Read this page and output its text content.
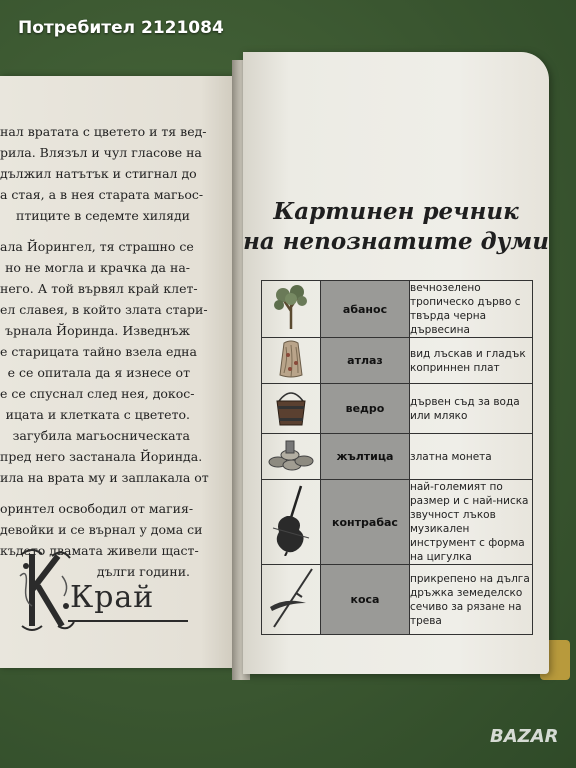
Потребител 2121084
нал вратата с цветето и тя вед-
рила. Влязъл и чул гласове на
дължил натътък и стигнал до
а стая, а в нея старата магьос-
птиците в седемте хиляди
ала Йорингел, тя страшно се
но не могла и крачка да на-
него. А той вървял край клет-
ел славея, в който злата стари-
ърнала Йоринда. Изведнъж
е старицата тайно взела една
е се опитала да я изнесе от
е се спуснал след нея, докос-
ицата и клетката с цветето.
загубила магьосническата
пред него застанала Йоринда.
ила на врата му и заплакала от
оринтел освободил от магия-
девойки и се върнал у дома си
където двамата живели щаст-
дълги години.
Край
Картинен речник
на непознатите думи
	абанос	вечнозелено тропическо дърво с твърда черна дървесина
	атлаз	вид лъскав и гладък коприннен плат
	ведро	дървен съд за вода или мляко
	жълтица	златна монета
	контрабас	най-големият по размер и с най-ниска звучност лъков музикален инструмент с форма на цигулка
	коса	прикрепено на дълга дръжка земеделско сечиво за рязане на трева
BAZAR
